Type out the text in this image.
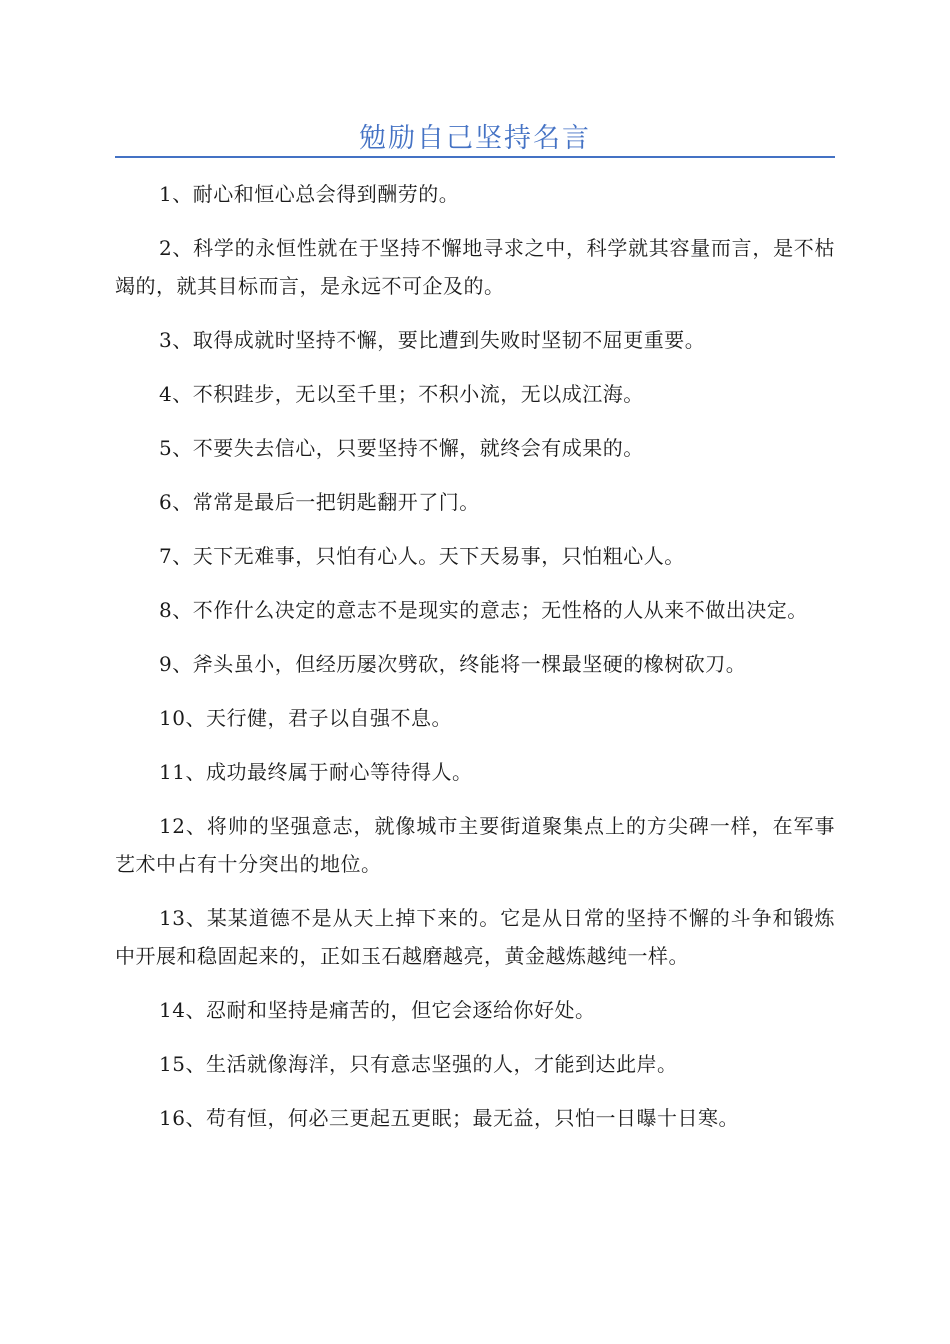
勉励自己坚持名言
1、耐心和恒心总会得到酬劳的。
2、科学的永恒性就在于坚持不懈地寻求之中，科学就其容量而言，是不枯竭的，就其目标而言，是永远不可企及的。
3、取得成就时坚持不懈，要比遭到失败时坚韧不屈更重要。
4、不积跬步，无以至千里；不积小流，无以成江海。
5、不要失去信心，只要坚持不懈，就终会有成果的。
6、常常是最后一把钥匙翻开了门。
7、天下无难事，只怕有心人。天下天易事，只怕粗心人。
8、不作什么决定的意志不是现实的意志；无性格的人从来不做出决定。
9、斧头虽小，但经历屡次劈砍，终能将一棵最坚硬的橡树砍刀。
10、天行健，君子以自强不息。
11、成功最终属于耐心等待得人。
12、将帅的坚强意志，就像城市主要街道聚集点上的方尖碑一样，在军事艺术中占有十分突出的地位。
13、某某道德不是从天上掉下来的。它是从日常的坚持不懈的斗争和锻炼中开展和稳固起来的，正如玉石越磨越亮，黄金越炼越纯一样。
14、忍耐和坚持是痛苦的，但它会逐给你好处。
15、生活就像海洋，只有意志坚强的人，才能到达此岸。
16、苟有恒，何必三更起五更眠；最无益，只怕一日曝十日寒。
